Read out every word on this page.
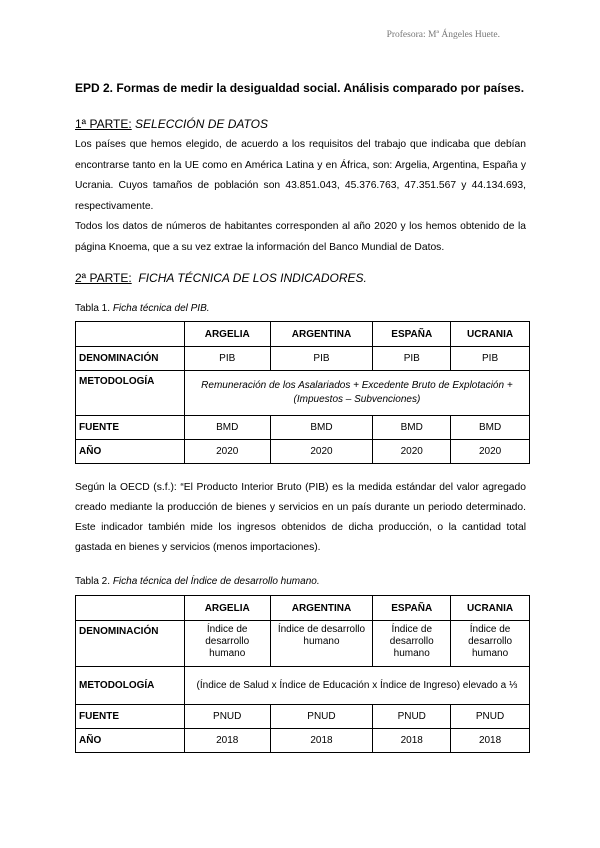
Profesora: Mª Ángeles Huete.
EPD 2. Formas de medir la desigualdad social. Análisis comparado por países.
1ª PARTE: SELECCIÓN DE DATOS

Los países que hemos elegido, de acuerdo a los requisitos del trabajo que indicaba que debían encontrarse tanto en la UE como en América Latina y en África, son: Argelia, Argentina, España y Ucrania. Cuyos tamaños de población son 43.851.043, 45.376.763, 47.351.567 y 44.134.693, respectivamente.

Todos los datos de números de habitantes corresponden al año 2020 y los hemos obtenido de la página Knoema, que a su vez extrae la información del Banco Mundial de Datos.

2ª PARTE: FICHA TÉCNICA DE LOS INDICADORES.
Tabla 1. Ficha técnica del PIB.
	ARGELIA	ARGENTINA	ESPAÑA	UCRANIA
DENOMINACIÓN	PIB	PIB	PIB	PIB
METODOLOGÍA	Remuneración de los Asalariados + Excedente Bruto de Explotación + (Impuestos – Subvenciones)			
FUENTE	BMD	BMD	BMD	BMD
AÑO	2020	2020	2020	2020

Según la OECD (s.f.): “El Producto Interior Bruto (PIB) es la medida estándar del valor agregado creado mediante la producción de bienes y servicios en un país durante un periodo determinado. Este indicador también mide los ingresos obtenidos de dicha producción, o la cantidad total gastada en bienes y servicios (menos importaciones).

Tabla 2. Ficha técnica del Índice de desarrollo humano.
	ARGELIA	ARGENTINA	ESPAÑA	UCRANIA
DENOMINACIÓN	Índice de desarrollo humano	Índice de desarrollo humano	Índice de desarrollo humano	Índice de desarrollo humano
METODOLOGÍA	(Índice de Salud x Índice de Educación x Índice de Ingreso) elevado a ⅓			
FUENTE	PNUD	PNUD	PNUD	PNUD
AÑO	2018	2018	2018	2018
